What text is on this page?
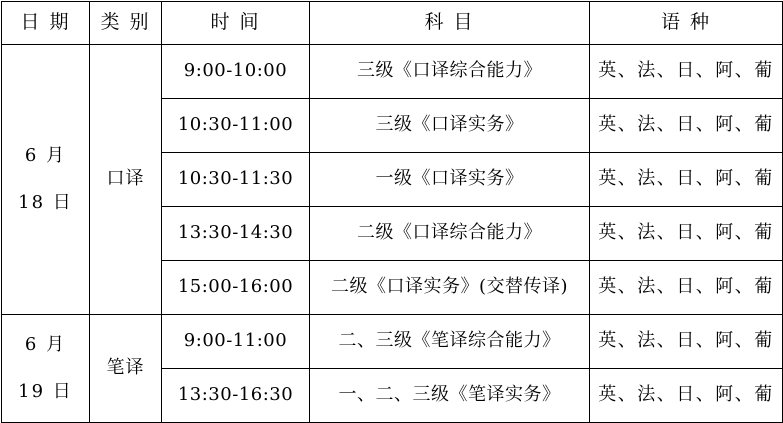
日 期	类 别	时 间	科 目	语 种

6 月
18 日	口译	9:00-10:00	三级《口译综合能力》	英、法、日、阿、葡
		10:30-11:00	三级《口译实务》	英、法、日、阿、葡
		10:30-11:30	一级《口译实务》	英、法、日、阿、葡
		13:30-14:30	二级《口译综合能力》	英、法、日、阿、葡
		15:00-16:00	二级《口译实务》(交替传译)	英、法、日、阿、葡

6 月
19 日	笔译	9:00-11:00	二、三级《笔译综合能力》	英、法、日、阿、葡
		13:30-16:30	一、二、三级《笔译实务》	英、法、日、阿、葡
